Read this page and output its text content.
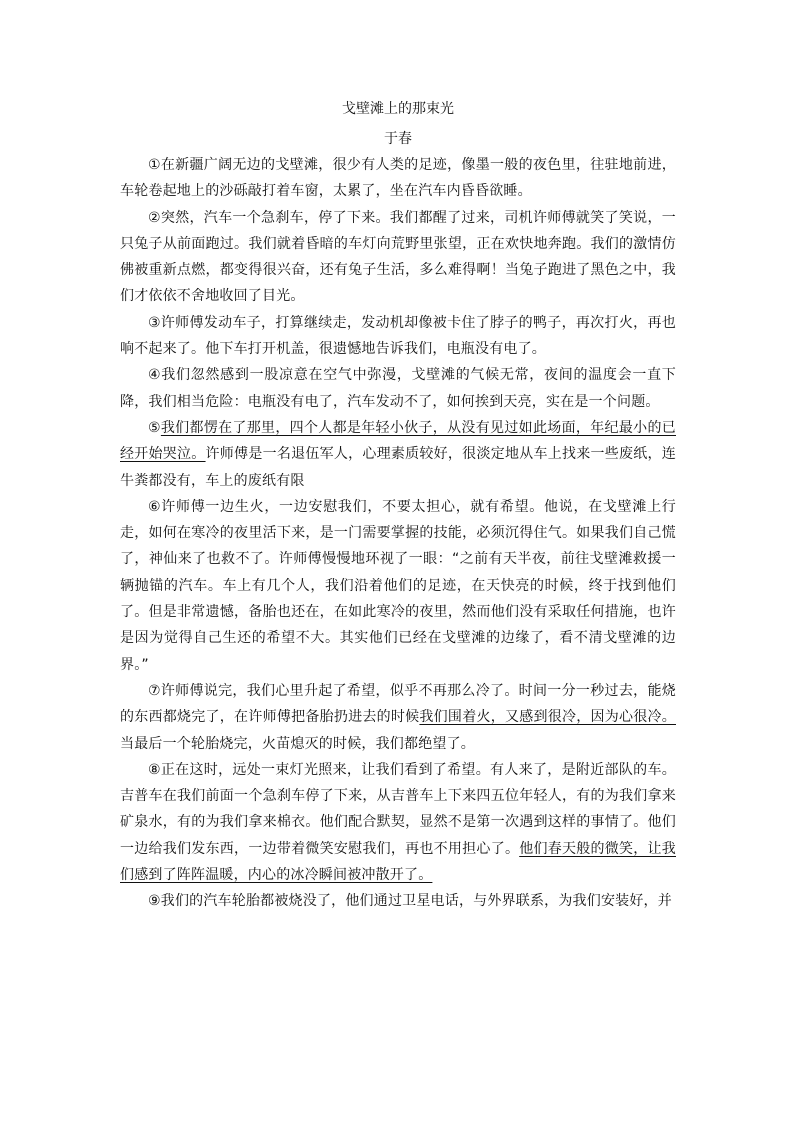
戈壁滩上的那束光

于春

①在新疆广阔无边的戈壁滩，很少有人类的足迹，像墨一般的夜色里，往驻地前进，车轮卷起地上的沙砾敲打着车窗，太累了，坐在汽车内昏昏欲睡。

②突然，汽车一个急刹车，停了下来。我们都醒了过来，司机许师傅就笑了笑说，一只兔子从前面跑过。我们就着昏暗的车灯向荒野里张望，正在欢快地奔跑。我们的激情仿佛被重新点燃，都变得很兴奋，还有兔子生活，多么难得啊！当兔子跑进了黑色之中，我们才依依不舍地收回了目光。

③许师傅发动车子，打算继续走，发动机却像被卡住了脖子的鸭子，再次打火，再也响不起来了。他下车打开机盖，很遗憾地告诉我们，电瓶没有电了。

④我们忽然感到一股凉意在空气中弥漫，戈壁滩的气候无常，夜间的温度会一直下降，我们相当危险：电瓶没有电了，汽车发动不了，如何挨到天亮，实在是一个问题。

⑤我们都愣在了那里，四个人都是年轻小伙子，从没有见过如此场面，年纪最小的已经开始哭泣。许师傅是一名退伍军人，心理素质较好，很淡定地从车上找来一些废纸，连牛粪都没有，车上的废纸有限

⑥许师傅一边生火，一边安慰我们，不要太担心，就有希望。他说，在戈壁滩上行走，如何在寒冷的夜里活下来，是一门需要掌握的技能，必须沉得住气。如果我们自己慌了，神仙来了也救不了。许师傅慢慢地环视了一眼：“之前有天半夜，前往戈壁滩救援一辆抛锚的汽车。车上有几个人，我们沿着他们的足迹，在天快亮的时候，终于找到他们了。但是非常遗憾，备胎也还在，在如此寒冷的夜里，然而他们没有采取任何措施，也许是因为觉得自己生还的希望不大。其实他们已经在戈壁滩的边缘了，看不清戈壁滩的边界。”

⑦许师傅说完，我们心里升起了希望，似乎不再那么冷了。时间一分一秒过去，能烧的东西都烧完了，在许师傅把备胎扔进去的时候我们围着火，又感到很冷，因为心很冷。当最后一个轮胎烧完，火苗熄灭的时候，我们都绝望了。

⑧正在这时，远处一束灯光照来，让我们看到了希望。有人来了，是附近部队的车。吉普车在我们前面一个急刹车停了下来，从吉普车上下来四五位年轻人，有的为我们拿来矿泉水，有的为我们拿来棉衣。他们配合默契，显然不是第一次遇到这样的事情了。他们一边给我们发东西，一边带着微笑安慰我们，再也不用担心了。他们春天般的微笑，让我们感到了阵阵温暖，内心的冰冷瞬间被冲散开了。

⑨我们的汽车轮胎都被烧没了，他们通过卫星电话，与外界联系，为我们安装好，并
